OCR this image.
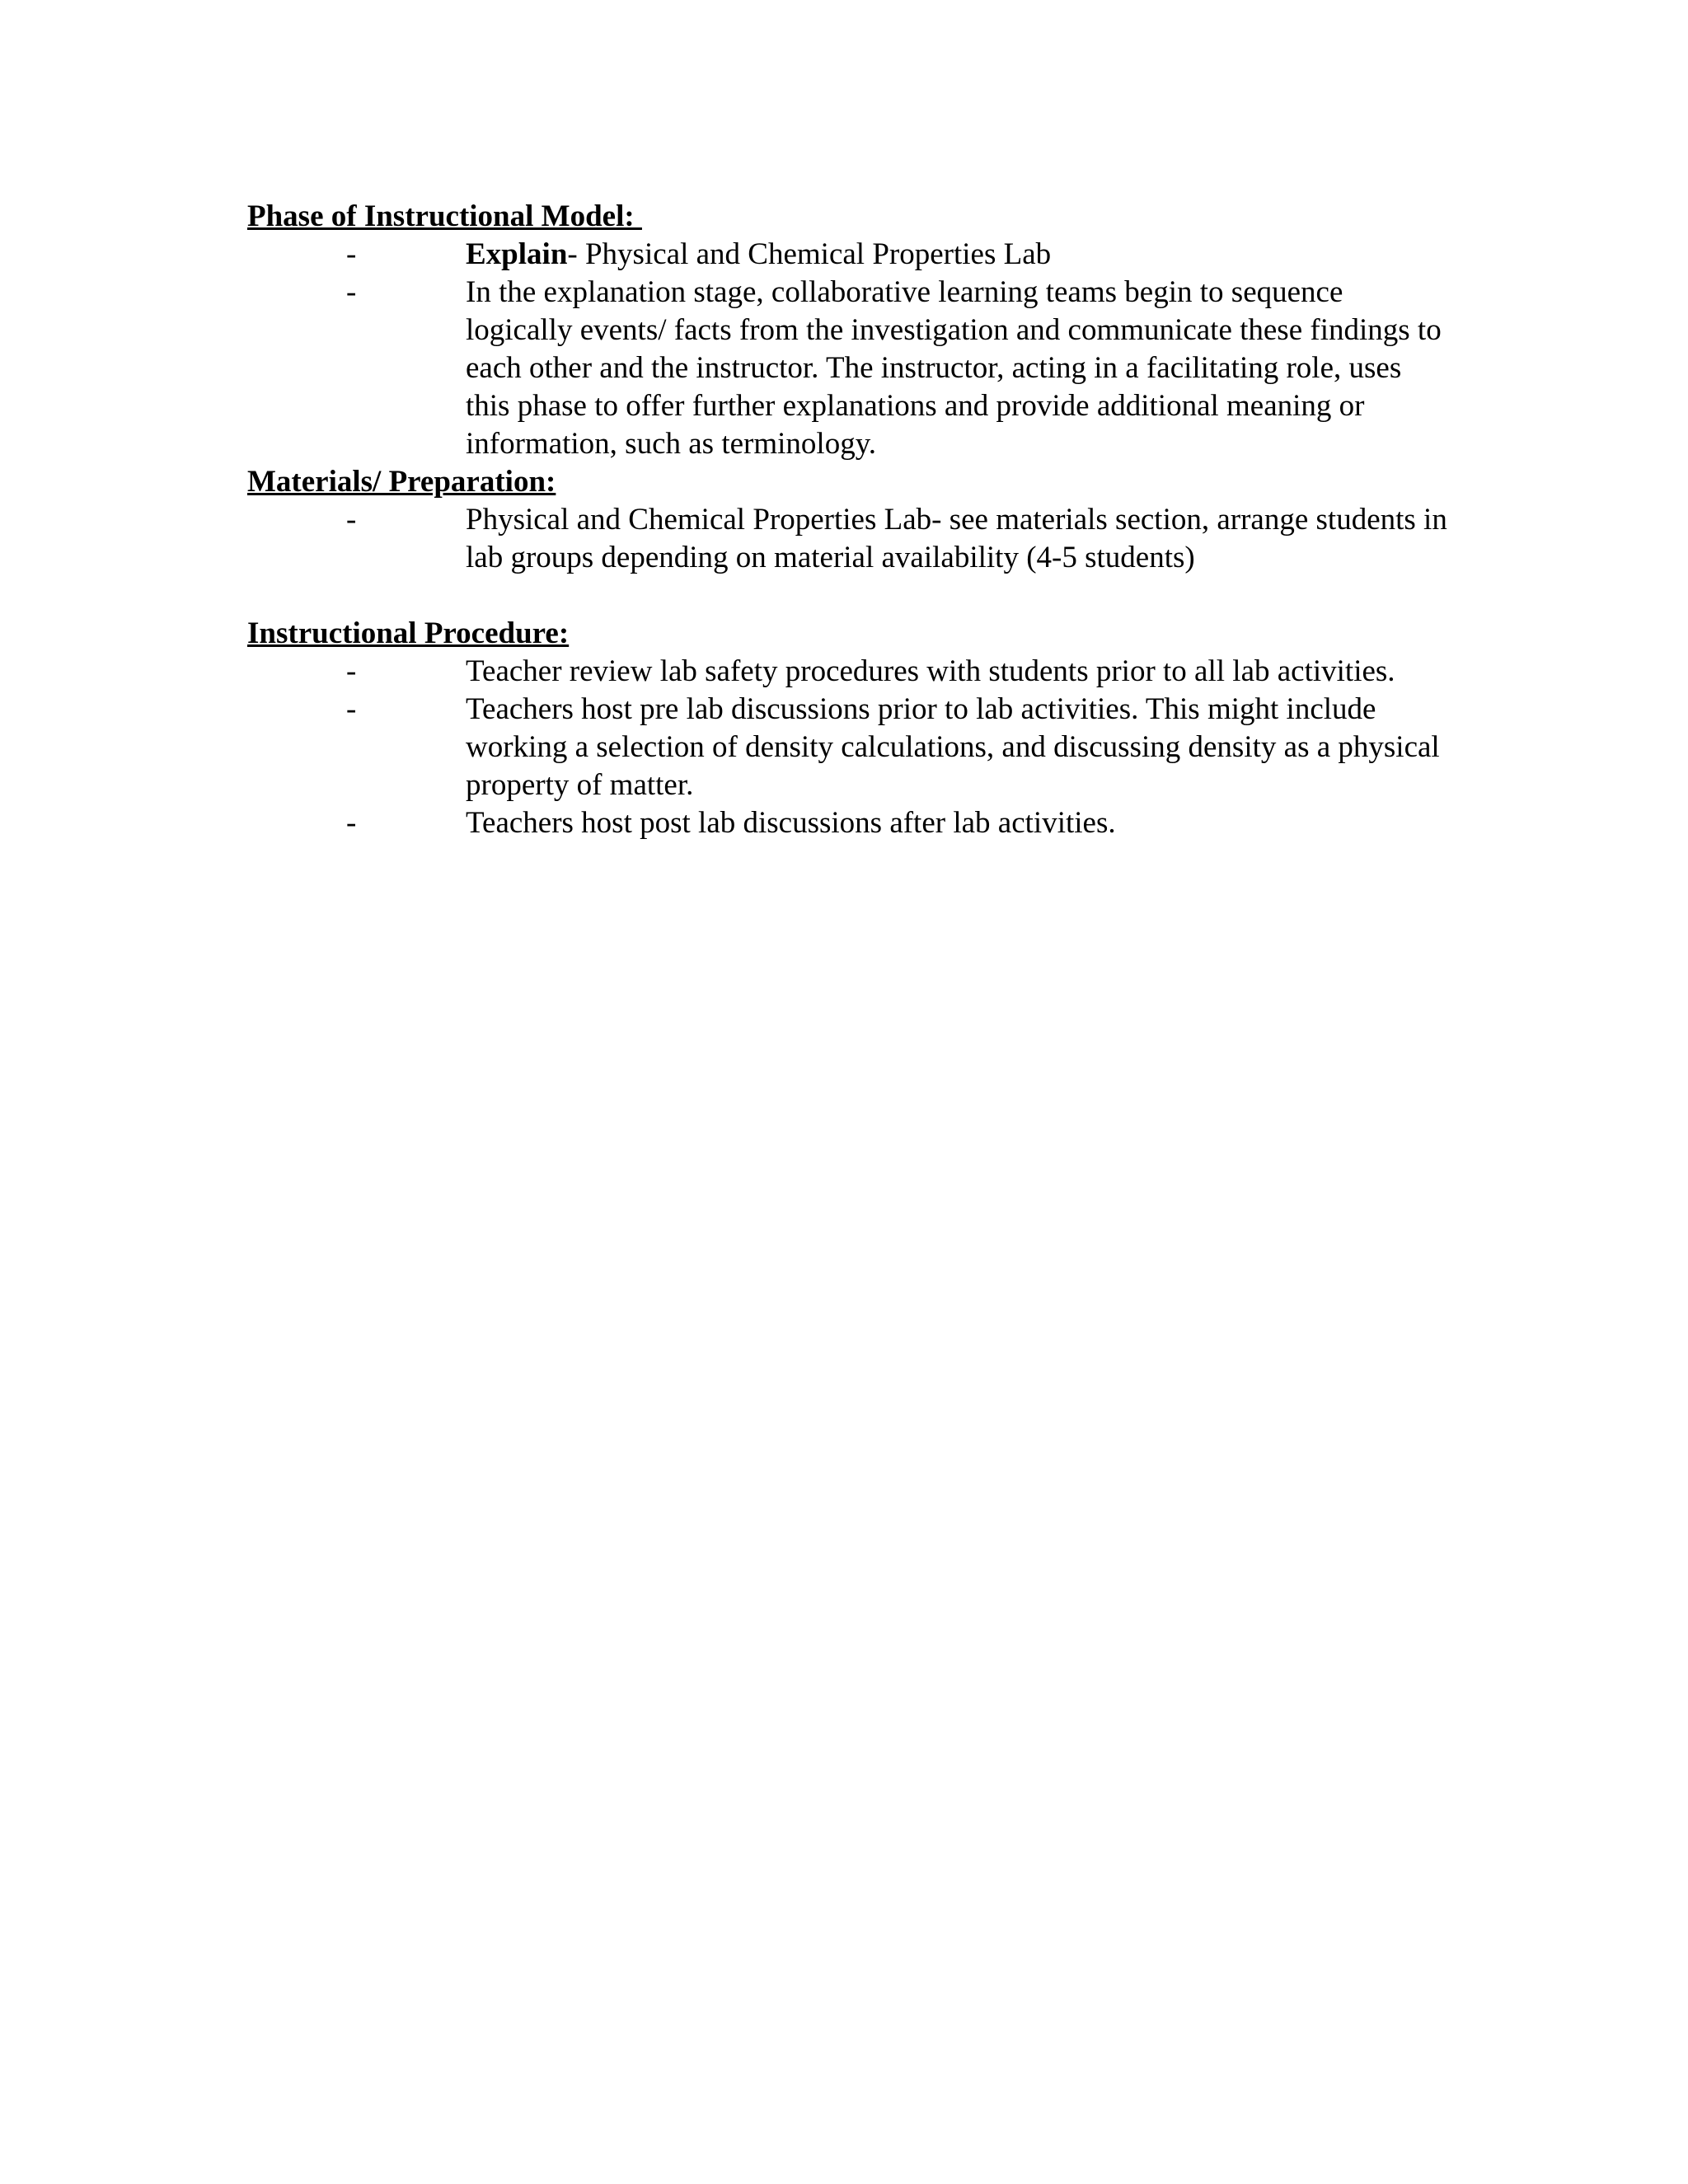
Phase of Instructional Model:

-	Explain- Physical and Chemical Properties Lab
-	In the explanation stage, collaborative learning teams begin to sequence logically events/ facts from the investigation and communicate these findings to each other and the instructor. The instructor, acting in a facilitating role, uses this phase to offer further explanations and provide additional meaning or information, such as terminology.

Materials/ Preparation:

-	Physical and Chemical Properties Lab- see materials section, arrange students in lab groups depending on material availability (4-5 students)

Instructional Procedure:

-	Teacher review lab safety procedures with students prior to all lab activities.
-	Teachers host pre lab discussions prior to lab activities. This might include working a selection of density calculations, and discussing density as a physical property of matter.
-	Teachers host post lab discussions after lab activities.
